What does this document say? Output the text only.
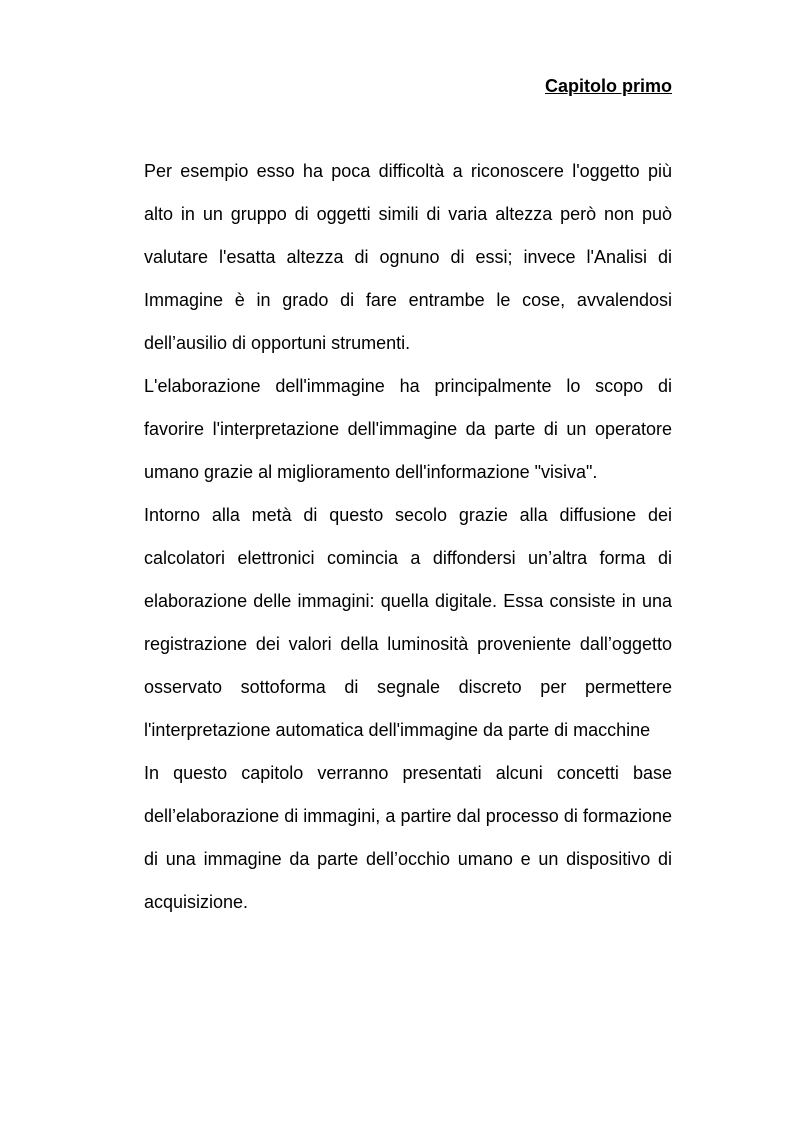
Capitolo primo

Per esempio esso ha poca difficoltà a riconoscere l'oggetto più alto in un gruppo di oggetti simili di varia altezza però non può valutare l'esatta altezza di ognuno di essi; invece l'Analisi di Immagine è in grado di fare entrambe le cose, avvalendosi dell’ausilio di opportuni strumenti.

L'elaborazione dell'immagine ha principalmente lo scopo di favorire l'interpretazione dell'immagine da parte di un operatore umano grazie al miglioramento dell'informazione "visiva".

Intorno alla metà di questo secolo grazie alla diffusione dei calcolatori elettronici comincia a diffondersi un’altra forma di elaborazione delle immagini: quella digitale. Essa consiste in una registrazione dei valori della luminosità proveniente dall’oggetto osservato sottoforma di segnale discreto per permettere l'interpretazione automatica dell'immagine da parte di macchine

In questo capitolo verranno presentati alcuni concetti base dell’elaborazione di immagini, a partire dal processo di formazione di una immagine da parte dell’occhio umano e un dispositivo di acquisizione.
